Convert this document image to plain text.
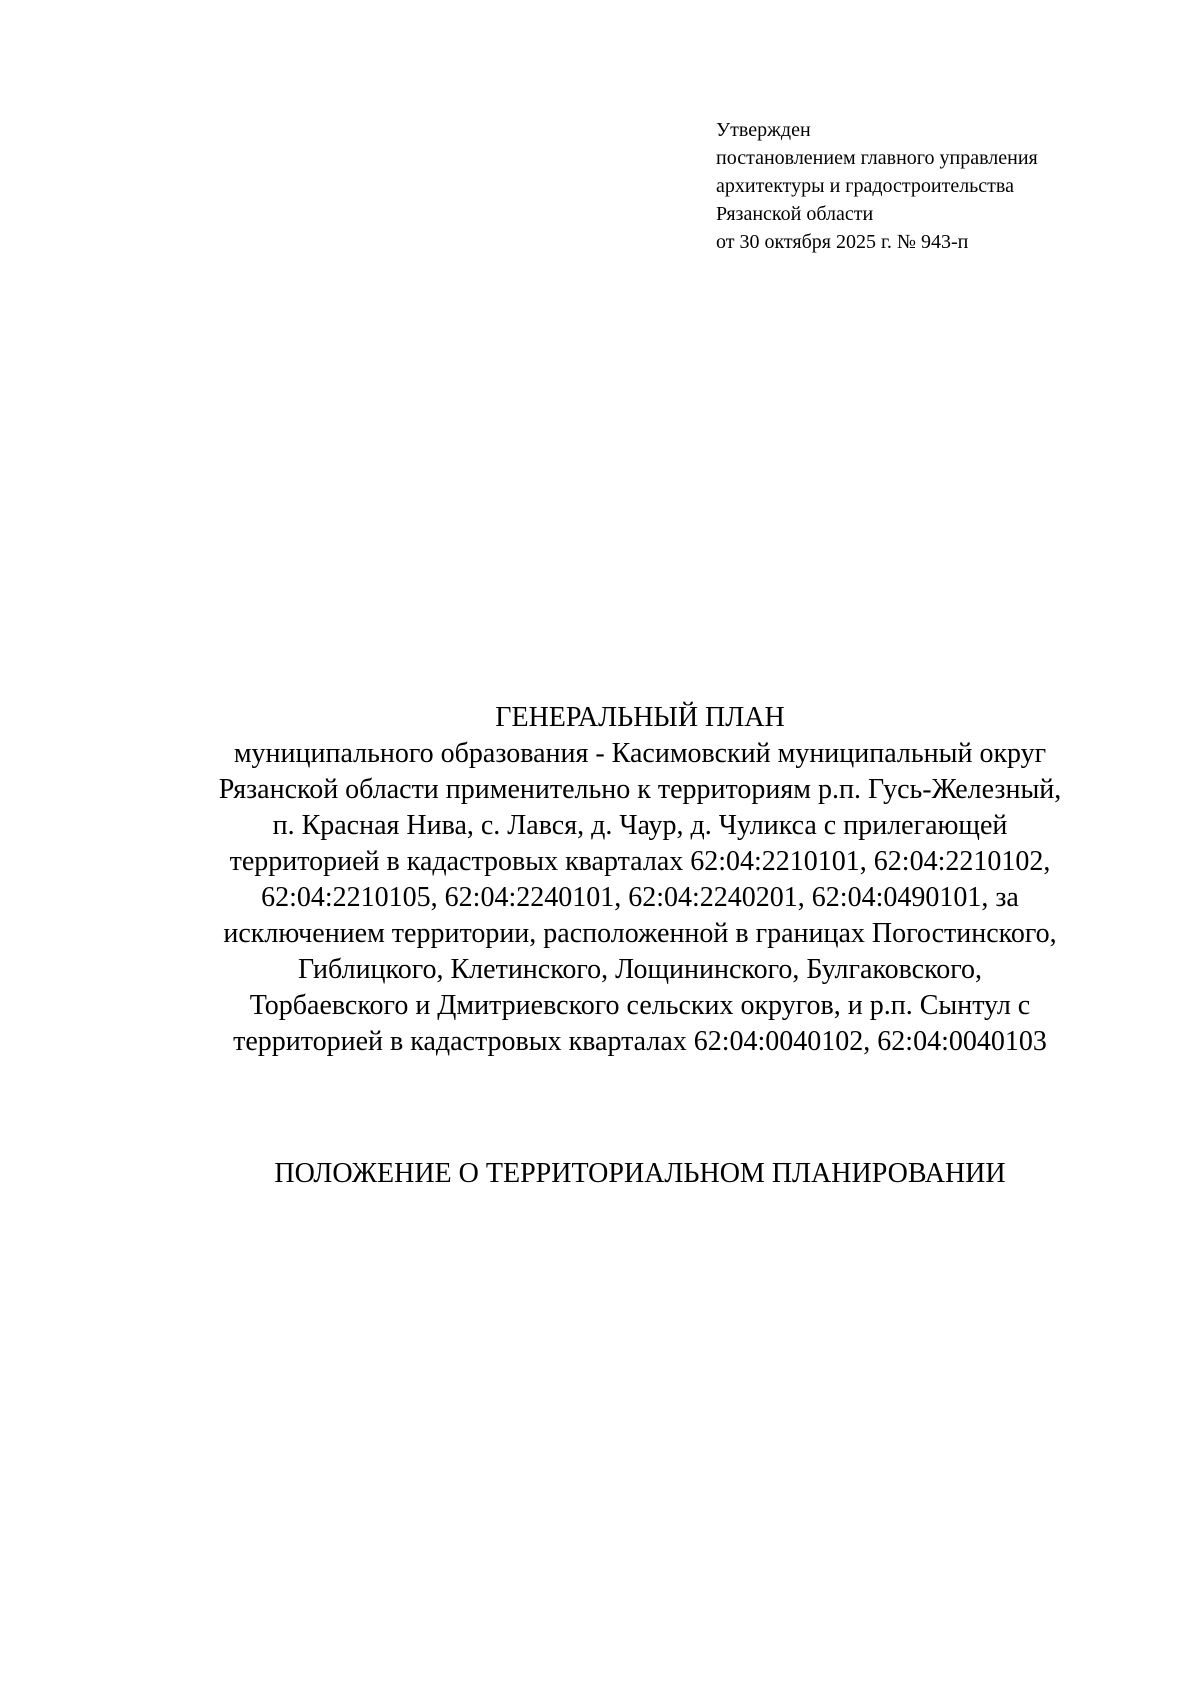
Утвержден
постановлением главного управления
архитектуры и градостроительства
Рязанской области
от 30 октября 2025 г. № 943-п
ГЕНЕРАЛЬНЫЙ ПЛАН
муниципального образования - Касимовский муниципальный округ
Рязанской области применительно к территориям р.п. Гусь-Железный,
п. Красная Нива, с. Лався, д. Чаур, д. Чуликса с прилегающей
территорией в кадастровых кварталах 62:04:2210101, 62:04:2210102,
62:04:2210105, 62:04:2240101, 62:04:2240201, 62:04:0490101, за
исключением территории, расположенной в границах Погостинского,
Гиблицкого, Клетинского, Лощининского, Булгаковского,
Торбаевского и Дмитриевского сельских округов, и р.п. Сынтул с
территорией в кадастровых кварталах 62:04:0040102, 62:04:0040103
ПОЛОЖЕНИЕ О ТЕРРИТОРИАЛЬНОМ ПЛАНИРОВАНИИ
